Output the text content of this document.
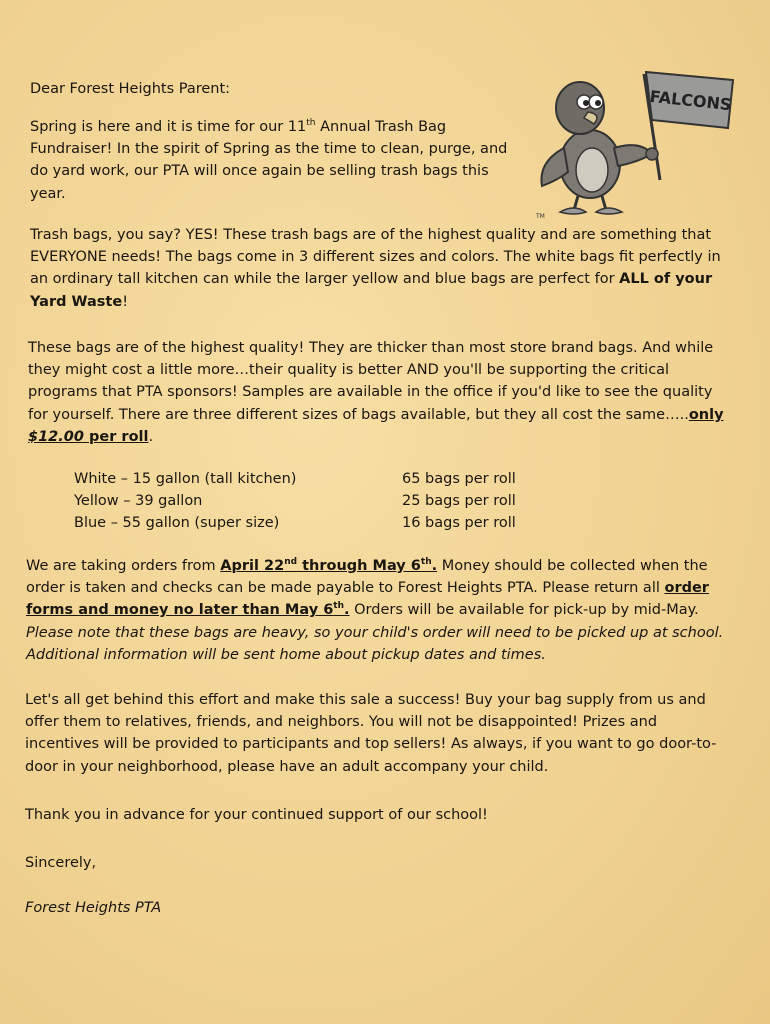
Dear Forest Heights Parent:
Spring is here and it is time for our 11th Annual Trash Bag Fundraiser! In the spirit of Spring as the time to clean, purge, and do yard work, our PTA will once again be selling trash bags this year.
FALCONS
TM
Trash bags, you say? YES! These trash bags are of the highest quality and are something that EVERYONE needs! The bags come in 3 different sizes and colors. The white bags fit perfectly in an ordinary tall kitchen can while the larger yellow and blue bags are perfect for ALL of your Yard Waste!
These bags are of the highest quality! They are thicker than most store brand bags. And while they might cost a little more…their quality is better AND you'll be supporting the critical programs that PTA sponsors! Samples are available in the office if you'd like to see the quality for yourself. There are three different sizes of bags available, but they all cost the same…..only $12.00 per roll.
White – 15 gallon (tall kitchen)	65 bags per roll
Yellow – 39 gallon	25 bags per roll
Blue – 55 gallon (super size)	16 bags per roll
We are taking orders from April 22nd through May 6th. Money should be collected when the order is taken and checks can be made payable to Forest Heights PTA. Please return all order forms and money no later than May 6th. Orders will be available for pick-up by mid-May. Please note that these bags are heavy, so your child's order will need to be picked up at school. Additional information will be sent home about pickup dates and times.
Let's all get behind this effort and make this sale a success! Buy your bag supply from us and offer them to relatives, friends, and neighbors. You will not be disappointed! Prizes and incentives will be provided to participants and top sellers! As always, if you want to go door-to-door in your neighborhood, please have an adult accompany your child.
Thank you in advance for your continued support of our school!
Sincerely,
Forest Heights PTA
